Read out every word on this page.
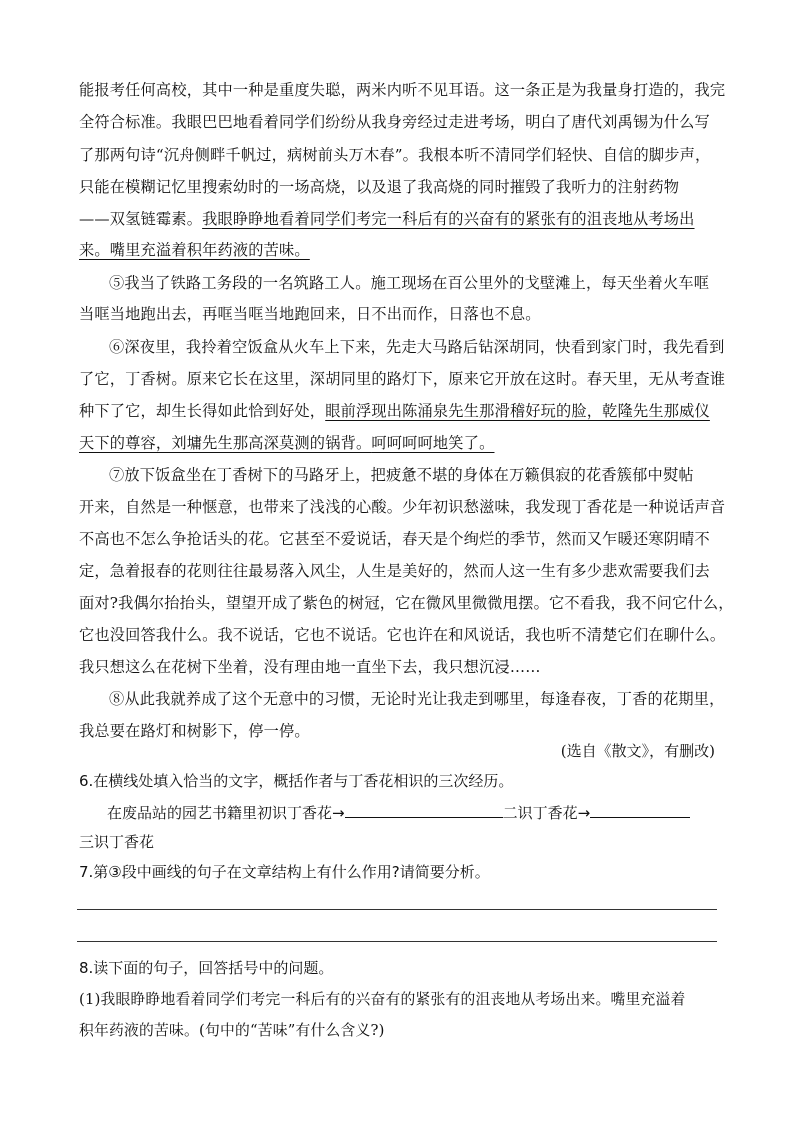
能报考任何高校，其中一种是重度失聪，两米内听不见耳语。这一条正是为我量身打造的，我完
全符合标准。我眼巴巴地看着同学们纷纷从我身旁经过走进考场，明白了唐代刘禹锡为什么写
了那两句诗“沉舟侧畔千帆过，病树前头万木春”。我根本听不清同学们轻快、自信的脚步声，
只能在模糊记忆里搜索幼时的一场高烧，以及退了我高烧的同时摧毁了我听力的注射药物
——双氢链霉素。我眼睁睁地看着同学们考完一科后有的兴奋有的紧张有的沮丧地从考场出
来。嘴里充溢着积年药液的苦味。
⑤我当了铁路工务段的一名筑路工人。施工现场在百公里外的戈壁滩上，每天坐着火车哐
当哐当地跑出去，再哐当哐当地跑回来，日不出而作，日落也不息。
⑥深夜里，我拎着空饭盒从火车上下来，先走大马路后钻深胡同，快看到家门时，我先看到
了它，丁香树。原来它长在这里，深胡同里的路灯下，原来它开放在这时。春天里，无从考查谁
种下了它，却生长得如此恰到好处，眼前浮现出陈涌泉先生那滑稽好玩的脸，乾隆先生那威仪
天下的尊容，刘墉先生那高深莫测的锅背。呵呵呵呵地笑了。
⑦放下饭盒坐在丁香树下的马路牙上，把疲惫不堪的身体在万籁俱寂的花香簇郁中熨帖
开来，自然是一种惬意，也带来了浅浅的心酸。少年初识愁滋味，我发现丁香花是一种说话声音
不高也不怎么争抢话头的花。它甚至不爱说话，春天是个绚烂的季节，然而又乍暖还寒阴晴不
定，急着报春的花则往往最易落入风尘，人生是美好的，然而人这一生有多少悲欢需要我们去
面对?我偶尔抬抬头，望望开成了紫色的树冠，它在微风里微微甩摆。它不看我，我不问它什么，
它也没回答我什么。我不说话，它也不说话。它也许在和风说话，我也听不清楚它们在聊什么。
我只想这么在花树下坐着，没有理由地一直坐下去，我只想沉浸……
⑧从此我就养成了这个无意中的习惯，无论时光让我走到哪里，每逢春夜，丁香的花期里，
我总要在路灯和树影下，停一停。
(选自《散文》，有删改)
6.在横线处填入恰当的文字，概括作者与丁香花相识的三次经历。
在废品站的园艺书籍里初识丁香花→	二识丁香花→
三识丁香花
7.第③段中画线的句子在文章结构上有什么作用?请简要分析。
8.读下面的句子，回答括号中的问题。
(1)我眼睁睁地看着同学们考完一科后有的兴奋有的紧张有的沮丧地从考场出来。嘴里充溢着
积年药液的苦味。(句中的“苦味”有什么含义?)
